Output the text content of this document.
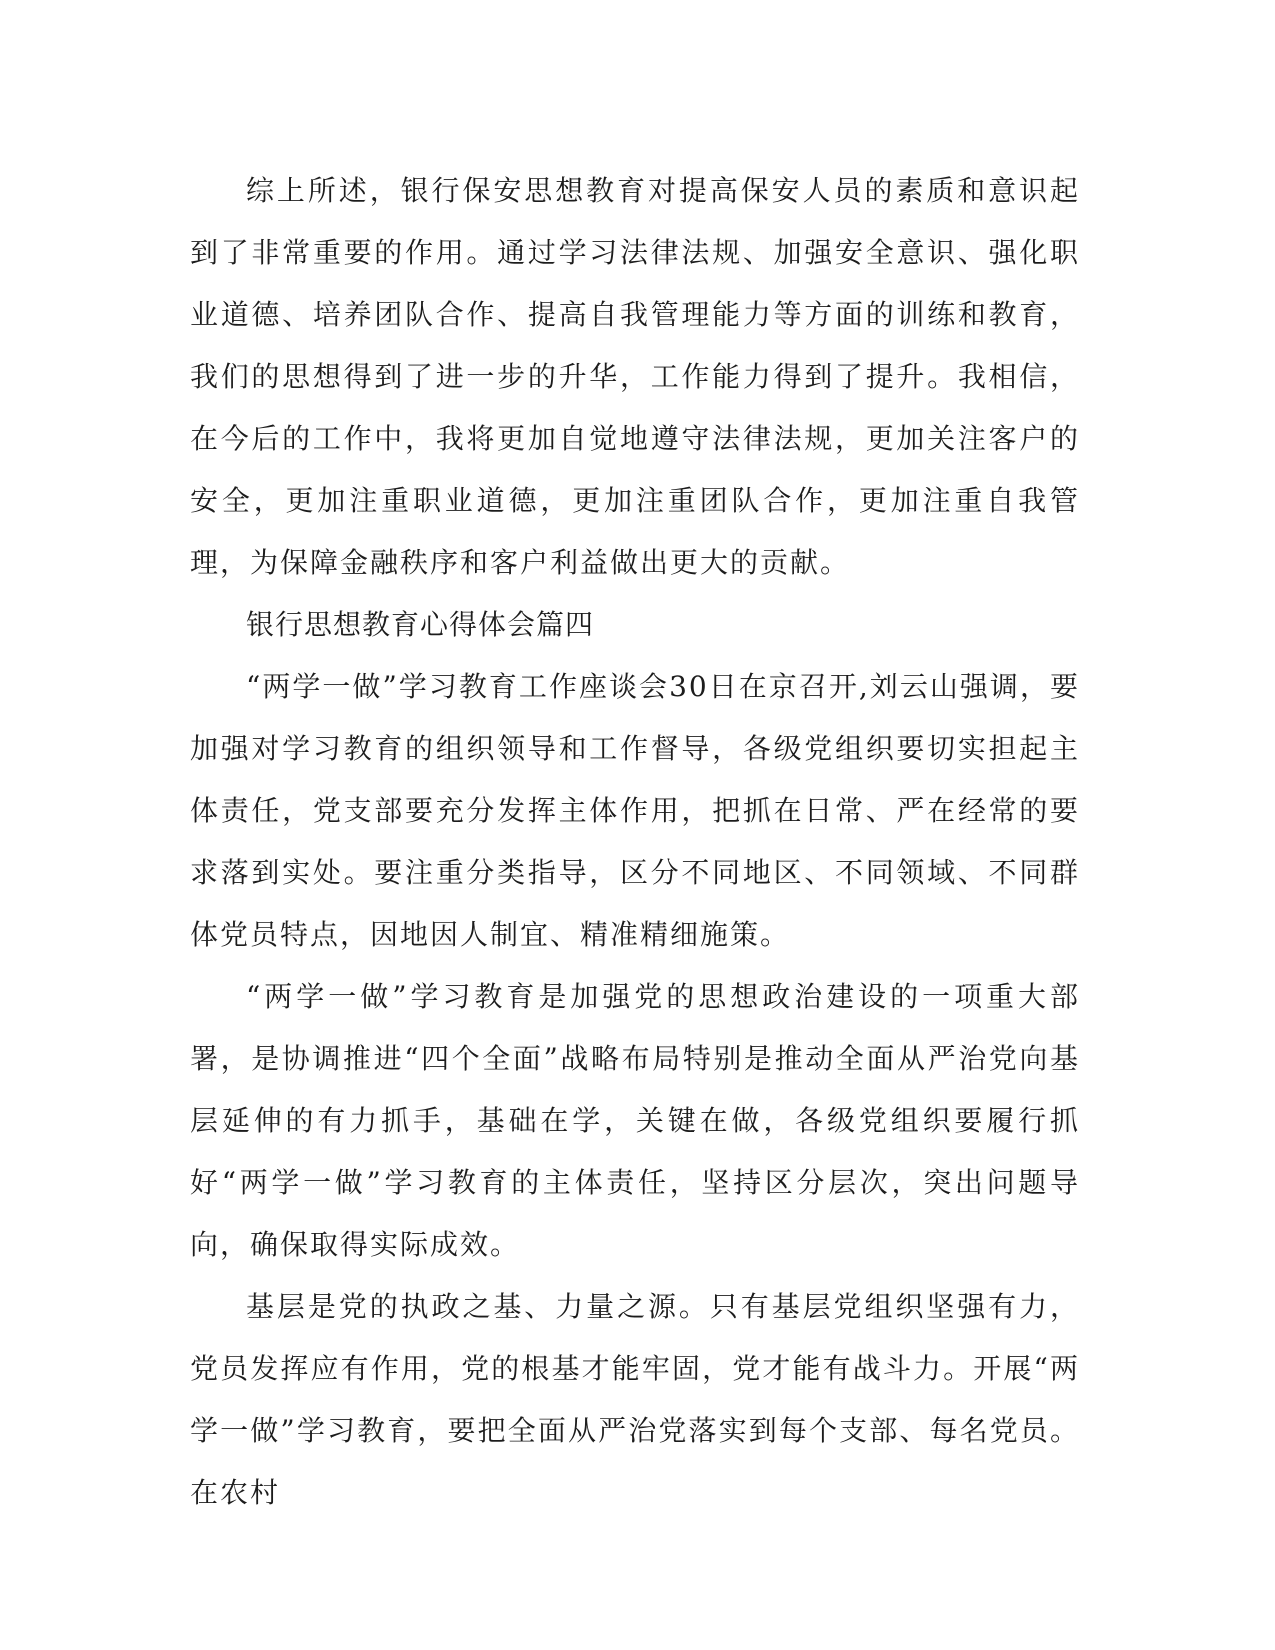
综上所述，银行保安思想教育对提高保安人员的素质和意识起到了非常重要的作用。通过学习法律法规、加强安全意识、强化职业道德、培养团队合作、提高自我管理能力等方面的训练和教育，我们的思想得到了进一步的升华，工作能力得到了提升。我相信，在今后的工作中，我将更加自觉地遵守法律法规，更加关注客户的安全，更加注重职业道德，更加注重团队合作，更加注重自我管理，为保障金融秩序和客户利益做出更大的贡献。

银行思想教育心得体会篇四

“两学一做”学习教育工作座谈会30日在京召开,刘云山强调，要加强对学习教育的组织领导和工作督导，各级党组织要切实担起主体责任，党支部要充分发挥主体作用，把抓在日常、严在经常的要求落到实处。要注重分类指导，区分不同地区、不同领域、不同群体党员特点，因地因人制宜、精准精细施策。

“两学一做”学习教育是加强党的思想政治建设的一项重大部署，是协调推进“四个全面”战略布局特别是推动全面从严治党向基层延伸的有力抓手，基础在学，关键在做，各级党组织要履行抓好“两学一做”学习教育的主体责任，坚持区分层次，突出问题导向，确保取得实际成效。

基层是党的执政之基、力量之源。只有基层党组织坚强有力，党员发挥应有作用，党的根基才能牢固，党才能有战斗力。开展“两学一做”学习教育，要把全面从严治党落实到每个支部、每名党员。在农村
